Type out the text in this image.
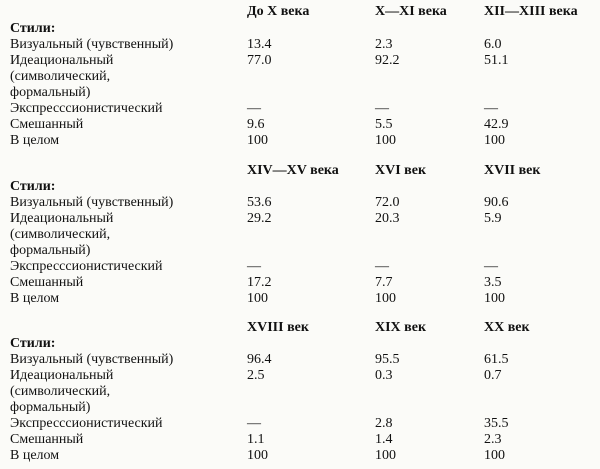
До X века	X—XI века	XII—XIII века
Стили:
Визуальный (чувственный)	13.4	2.3	6.0
Идеациональный	77.0	92.2	51.1
(символический,
формальный)
Экспресссионистический	—	—	—
Смешанный	9.6	5.5	42.9
В целом	100	100	100
XIV—XV века	XVI век	XVII век
Стили:
Визуальный (чувственный)	53.6	72.0	90.6
Идеациональный	29.2	20.3	5.9
(символический,
формальный)
Экспресссионистический	—	—	—
Смешанный	17.2	7.7	3.5
В целом	100	100	100
XVIII век	XIX век	XX век
Стили:
Визуальный (чувственный)	96.4	95.5	61.5
Идеациональный	2.5	0.3	0.7
(символический,
формальный)
Экспресссионистический	—	2.8	35.5
Смешанный	1.1	1.4	2.3
В целом	100	100	100
